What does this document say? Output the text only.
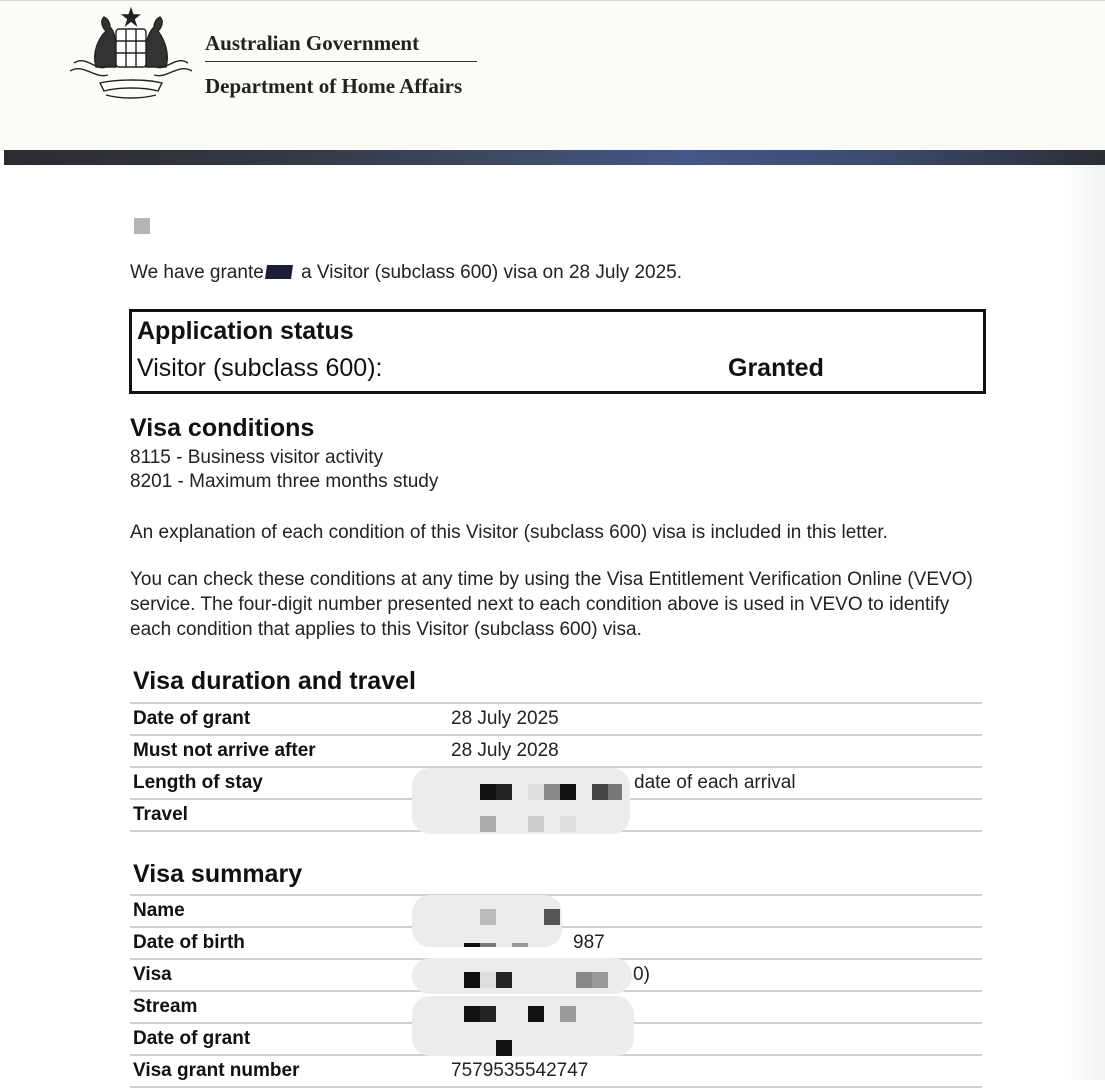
Australian Government
Department of Home Affairs
We have grante a Visitor (subclass 600) visa on 28 July 2025.
Application status
Visitor (subclass 600):	Granted
Visa conditions
8115 - Business visitor activity
8201 - Maximum three months study
An explanation of each condition of this Visitor (subclass 600) visa is included in this letter.
You can check these conditions at any time by using the Visa Entitlement Verification Online (VEVO) service. The four-digit number presented next to each condition above is used in VEVO to identify each condition that applies to this Visitor (subclass 600) visa.
Visa duration and travel
Date of grant	28 July 2025
Must not arrive after	28 July 2028
Length of stay	date of each arrival
Travel	
Visa summary
Name	
Date of birth	987
Visa	0)
Stream	
Date of grant	
Visa grant number	7579535542747
